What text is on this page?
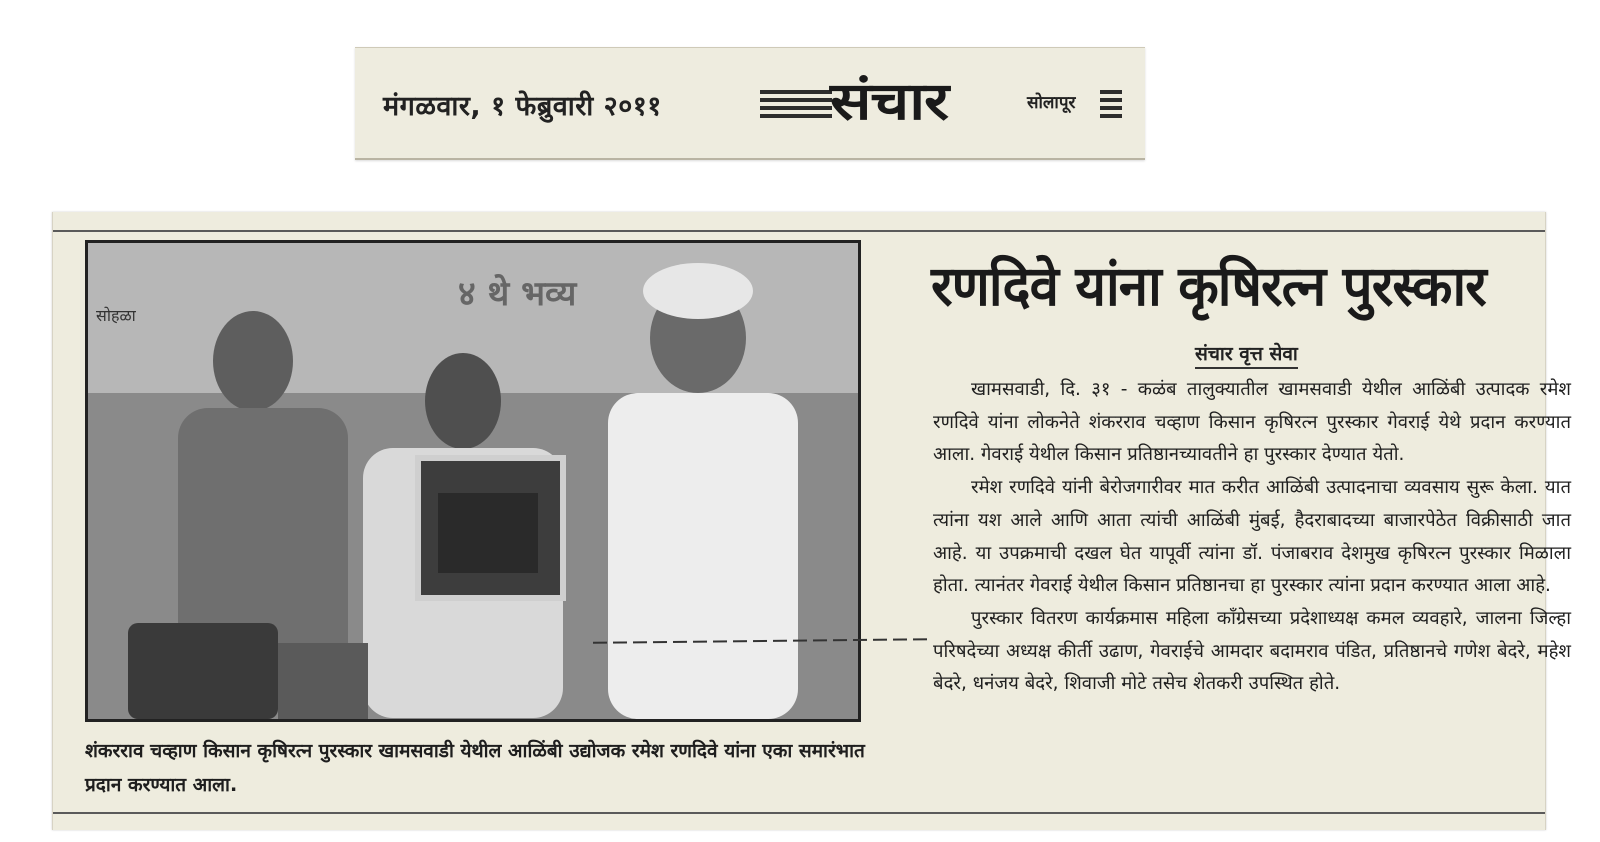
मंगळवार, १ फेब्रुवारी २०११	संचार	सोलापूर
४ थे भव्य
सोहळा
शंकरराव चव्हाण किसान कृषिरत्न पुरस्कार खामसवाडी येथील आळिंबी उद्योजक रमेश रणदिवे यांना एका समारंभात प्रदान करण्यात आला.
रणदिवे यांना कृषिरत्न पुरस्कार
संचार वृत्त सेवा

खामसवाडी, दि. ३१ - कळंब तालुक्यातील खामसवाडी येथील आळिंबी उत्पादक रमेश रणदिवे यांना लोकनेते शंकरराव चव्हाण किसान कृषिरत्न पुरस्कार गेवराई येथे प्रदान करण्यात आला. गेवराई येथील किसान प्रतिष्ठानच्यावतीने हा पुरस्कार देण्यात येतो.

रमेश रणदिवे यांनी बेरोजगारीवर मात करीत आळिंबी उत्पादनाचा व्यवसाय सुरू केला. यात त्यांना यश आले आणि आता त्यांची आळिंबी मुंबई, हैदराबादच्या बाजारपेठेत विक्रीसाठी जात आहे. या उपक्रमाची दखल घेत यापूर्वी त्यांना डॉ. पंजाबराव देशमुख कृषिरत्न पुरस्कार मिळाला होता. त्यानंतर गेवराई येथील किसान प्रतिष्ठानचा हा पुरस्कार त्यांना प्रदान करण्यात आला आहे.

पुरस्कार वितरण कार्यक्रमास महिला काँग्रेसच्या प्रदेशाध्यक्ष कमल व्यवहारे, जालना जिल्हा परिषदेच्या अध्यक्ष कीर्ती उढाण, गेवराईचे आमदार बदामराव पंडित, प्रतिष्ठानचे गणेश बेदरे, महेश बेदरे, धनंजय बेदरे, शिवाजी मोटे तसेच शेतकरी उपस्थित होते.
